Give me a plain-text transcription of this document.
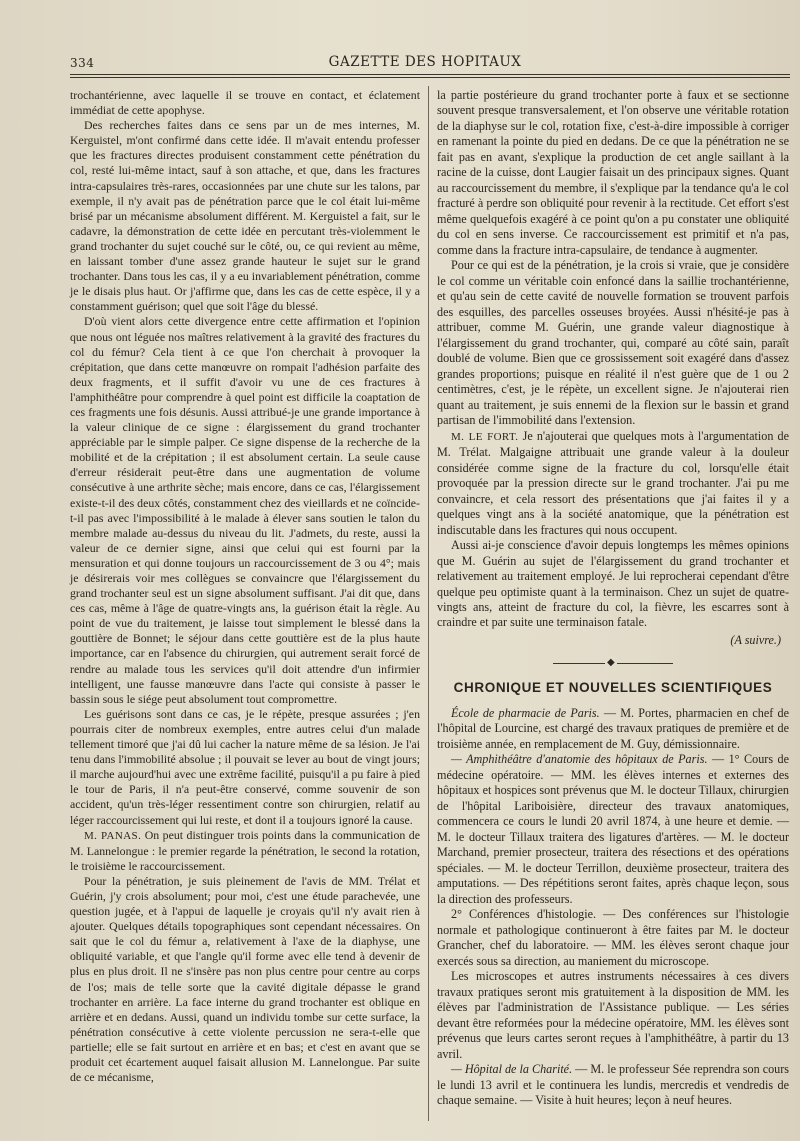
334	GAZETTE DES HOPITAUX

trochantérienne, avec laquelle il se trouve en contact, et éclatement immédiat de cette apophyse.

Des recherches faites dans ce sens par un de mes internes, M. Kerguistel, m'ont confirmé dans cette idée. Il m'avait entendu professer que les fractures directes produisent constamment cette pénétration du col, resté lui-même intact, sauf à son attache, et que, dans les fractures intra-capsulaires très-rares, occasionnées par une chute sur les talons, par exemple, il n'y avait pas de pénétration parce que le col était lui-même brisé par un mécanisme absolument différent. M. Kerguistel a fait, sur le cadavre, la démonstration de cette idée en percutant très-violemment le grand trochanter du sujet couché sur le côté, ou, ce qui revient au même, en laissant tomber d'une assez grande hauteur le sujet sur le grand trochanter. Dans tous les cas, il y a eu invariablement pénétration, comme je le disais plus haut. Or j'affirme que, dans les cas de cette espèce, il y a constamment guérison; quel que soit l'âge du blessé.

D'où vient alors cette divergence entre cette affirmation et l'opinion que nous ont léguée nos maîtres relativement à la gravité des fractures du col du fémur? Cela tient à ce que l'on cherchait à provoquer la crépitation, que dans cette manœuvre on rompait l'adhésion parfaite des deux fragments, et il suffit d'avoir vu une de ces fractures à l'amphithéâtre pour comprendre à quel point est difficile la coaptation de ces fragments une fois désunis. Aussi attribué-je une grande importance à la valeur clinique de ce signe : élargissement du grand trochanter appréciable par le simple palper. Ce signe dispense de la recherche de la mobilité et de la crépitation ; il est absolument certain. La seule cause d'erreur résiderait peut-être dans une augmentation de volume consécutive à une arthrite sèche; mais encore, dans ce cas, l'élargissement existe-t-il des deux côtés, constamment chez des vieillards et ne coïncide-t-il pas avec l'impossibilité à le malade à élever sans soutien le talon du membre malade au-dessus du niveau du lit. J'admets, du reste, aussi la valeur de ce dernier signe, ainsi que celui qui est fourni par la mensuration et qui donne toujours un raccourcissement de 3 ou 4°; mais je désirerais voir mes collègues se convaincre que l'élargissement du grand trochanter seul est un signe absolument suffisant. J'ai dit que, dans ces cas, même à l'âge de quatre-vingts ans, la guérison était la règle. Au point de vue du traitement, je laisse tout simplement le blessé dans la gouttière de Bonnet; le séjour dans cette gouttière est de la plus haute importance, car en l'absence du chirurgien, qui autrement serait forcé de rendre au malade tous les services qu'il doit attendre d'un infirmier intelligent, une fausse manœuvre dans l'acte qui consiste à passer le bassin sous le siége peut absolument tout compromettre.

Les guérisons sont dans ce cas, je le répète, presque assurées ; j'en pourrais citer de nombreux exemples, entre autres celui d'un malade tellement timoré que j'ai dû lui cacher la nature même de sa lésion. Je l'ai tenu dans l'immobilité absolue ; il pouvait se lever au bout de vingt jours; il marche aujourd'hui avec une extrême facilité, puisqu'il a pu faire à pied le tour de Paris, il n'a peut-être conservé, comme souvenir de son accident, qu'un très-léger ressentiment contre son chirurgien, relatif au léger raccourcissement qui lui reste, et dont il a toujours ignoré la cause.

M. PANAS. On peut distinguer trois points dans la communication de M. Lannelongue : le premier regarde la pénétration, le second la rotation, le troisième le raccourcissement.

Pour la pénétration, je suis pleinement de l'avis de MM. Trélat et Guérin, j'y crois absolument; pour moi, c'est une étude parachevée, une question jugée, et à l'appui de laquelle je croyais qu'il n'y avait rien à ajouter. Quelques détails topographiques sont cependant nécessaires. On sait que le col du fémur a, relativement à l'axe de la diaphyse, une obliquité variable, et que l'angle qu'il forme avec elle tend à devenir de plus en plus droit. Il ne s'insère pas non plus centre pour centre au corps de l'os; mais de telle sorte que la cavité digitale dépasse le grand trochanter en arrière. La face interne du grand trochanter est oblique en arrière et en dedans. Aussi, quand un individu tombe sur cette surface, la pénétration consécutive à cette violente percussion ne sera-t-elle que partielle; elle se fait surtout en arrière et en bas; et c'est en avant que se produit cet écartement auquel faisait allusion M. Lannelongue. Par suite de ce mécanisme,

la partie postérieure du grand trochanter porte à faux et se sectionne souvent presque transversalement, et l'on observe une véritable rotation de la diaphyse sur le col, rotation fixe, c'est-à-dire impossible à corriger en ramenant la pointe du pied en dedans. De ce que la pénétration ne se fait pas en avant, s'explique la production de cet angle saillant à la racine de la cuisse, dont Laugier faisait un des principaux signes. Quant au raccourcissement du membre, il s'explique par la tendance qu'a le col fracturé à perdre son obliquité pour revenir à la rectitude. Cet effort s'est même quelquefois exagéré à ce point qu'on a pu constater une obliquité du col en sens inverse. Ce raccourcissement est primitif et n'a pas, comme dans la fracture intra-capsulaire, de tendance à augmenter.

Pour ce qui est de la pénétration, je la crois si vraie, que je considère le col comme un véritable coin enfoncé dans la saillie trochantérienne, et qu'au sein de cette cavité de nouvelle formation se trouvent parfois des esquilles, des parcelles osseuses broyées. Aussi n'hésité-je pas à attribuer, comme M. Guérin, une grande valeur diagnostique à l'élargissement du grand trochanter, qui, comparé au côté sain, paraît doublé de volume. Bien que ce grossissement soit exagéré dans d'assez grandes proportions; puisque en réalité il n'est guère que de 1 ou 2 centimètres, c'est, je le répète, un excellent signe. Je n'ajouterai rien quant au traitement, je suis ennemi de la flexion sur le bassin et grand partisan de l'immobilité dans l'extension.

M. LE FORT. Je n'ajouterai que quelques mots à l'argumentation de M. Trélat. Malgaigne attribuait une grande valeur à la douleur considérée comme signe de la fracture du col, lorsqu'elle était provoquée par la pression directe sur le grand trochanter. J'ai pu me convaincre, et cela ressort des présentations que j'ai faites il y a quelques vingt ans à la société anatomique, que la pénétration est indiscutable dans les fractures qui nous occupent.

Aussi ai-je conscience d'avoir depuis longtemps les mêmes opinions que M. Guérin au sujet de l'élargissement du grand trochanter et relativement au traitement employé. Je lui reprocherai cependant d'être quelque peu optimiste quant à la terminaison. Chez un sujet de quatre-vingts ans, atteint de fracture du col, la fièvre, les escarres sont à craindre et par suite une terminaison fatale.

(A suivre.)

◆
CHRONIQUE ET NOUVELLES SCIENTIFIQUES

École de pharmacie de Paris. — M. Portes, pharmacien en chef de l'hôpital de Lourcine, est chargé des travaux pratiques de première et de troisième année, en remplacement de M. Guy, démissionnaire.

— Amphithéâtre d'anatomie des hôpitaux de Paris. — 1° Cours de médecine opératoire. — MM. les élèves internes et externes des hôpitaux et hospices sont prévenus que M. le docteur Tillaux, chirurgien de l'hôpital Lariboisière, directeur des travaux anatomiques, commencera ce cours le lundi 20 avril 1874, à une heure et demie. — M. le docteur Tillaux traitera des ligatures d'artères. — M. le docteur Marchand, premier prosecteur, traitera des résections et des opérations spéciales. — M. le docteur Terrillon, deuxième prosecteur, traitera des amputations. — Des répétitions seront faites, après chaque leçon, sous la direction des professeurs.

2° Conférences d'histologie. — Des conférences sur l'histologie normale et pathologique continueront à être faites par M. le docteur Grancher, chef du laboratoire. — MM. les élèves seront chaque jour exercés sous sa direction, au maniement du microscope.

Les microscopes et autres instruments nécessaires à ces divers travaux pratiques seront mis gratuitement à la disposition de MM. les élèves par l'administration de l'Assistance publique. — Les séries devant être reformées pour la médecine opératoire, MM. les élèves sont prévenus que leurs cartes seront reçues à l'amphithéâtre, à partir du 13 avril.

— Hôpital de la Charité. — M. le professeur Sée reprendra son cours le lundi 13 avril et le continuera les lundis, mercredis et vendredis de chaque semaine. — Visite à huit heures; leçon à neuf heures.
